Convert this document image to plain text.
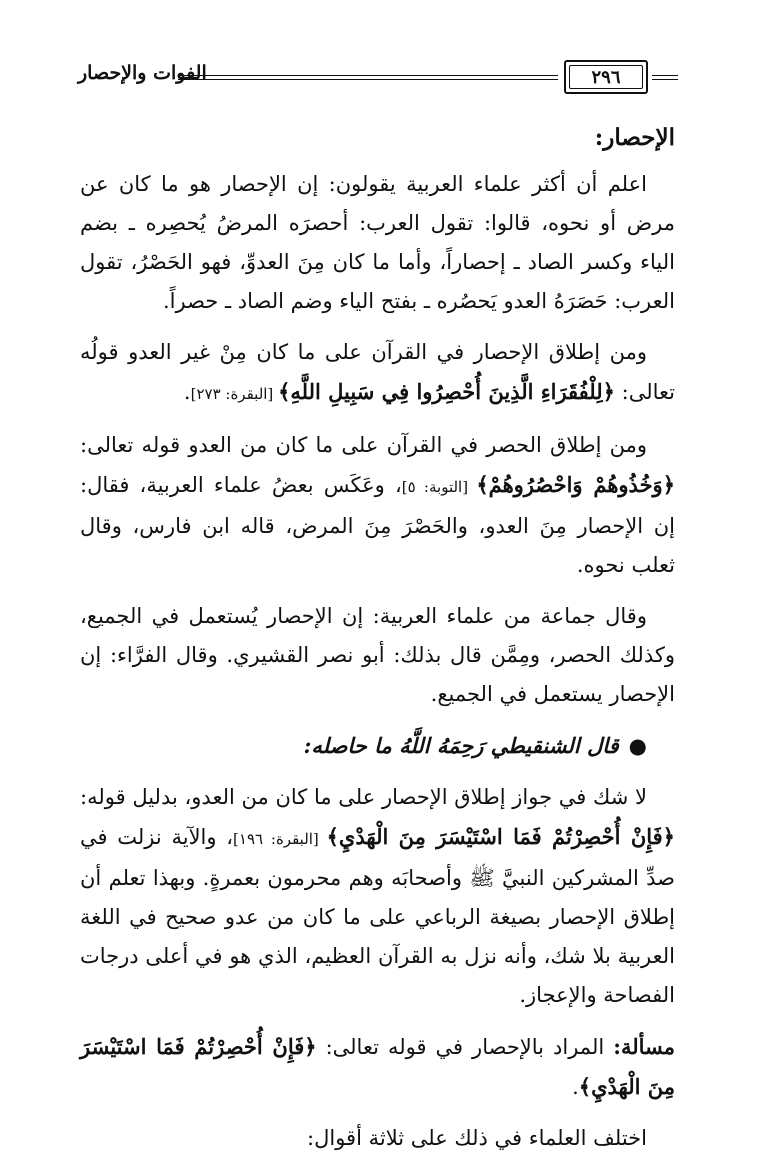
الفوات والإحصار	٢٩٦

الإحصار:

اعلم أن أكثر علماء العربية يقولون: إن الإحصار هو ما كان عن مرض أو نحوه، قالوا: تقول العرب: أحصرَه المرضُ يُحصِره ـ بضم الياء وكسر الصاد ـ إحصاراً، وأما ما كان مِنَ العدوِّ، فهو الحَصْرُ، تقول العرب: حَصَرَهُ العدو يَحصُره ـ بفتح الياء وضم الصاد ـ حصراً.

ومن إطلاق الإحصار في القرآن على ما كان مِنْ غير العدو قولُه تعالى: ﴿لِلْفُقَرَاءِ الَّذِينَ أُحْصِرُوا فِي سَبِيلِ اللَّهِ﴾ [البقرة: ٢٧٣].

ومن إطلاق الحصر في القرآن على ما كان من العدو قوله تعالى: ﴿وَخُذُوهُمْ وَاحْصُرُوهُمْ﴾ [التوبة: ٥]، وعَكَس بعضُ علماء العربية، فقال: إن الإحصار مِنَ العدو، والحَصْرَ مِنَ المرض، قاله ابن فارس، وقال ثعلب نحوه.

وقال جماعة من علماء العربية: إن الإحصار يُستعمل في الجميع، وكذلك الحصر، ومِمَّن قال بذلك: أبو نصر القشيري. وقال الفرَّاء: إن الإحصار يستعمل في الجميع.

●قال الشنقيطي رَحِمَهُ اللَّهُ ما حاصله:

لا شك في جواز إطلاق الإحصار على ما كان من العدو، بدليل قوله: ﴿فَإِنْ أُحْصِرْتُمْ فَمَا اسْتَيْسَرَ مِنَ الْهَدْيِ﴾ [البقرة: ١٩٦]، والآية نزلت في صدِّ المشركين النبيَّ ﷺ وأصحابَه وهم محرمون بعمرةٍ. وبهذا تعلم أن إطلاق الإحصار بصيغة الرباعي على ما كان من عدو صحيح في اللغة العربية بلا شك، وأنه نزل به القرآن العظيم، الذي هو في أعلى درجات الفصاحة والإعجاز.

مسألة: المراد بالإحصار في قوله تعالى: ﴿فَإِنْ أُحْصِرْتُمْ فَمَا اسْتَيْسَرَ مِنَ الْهَدْيِ﴾.

اختلف العلماء في ذلك على ثلاثة أقوال:
